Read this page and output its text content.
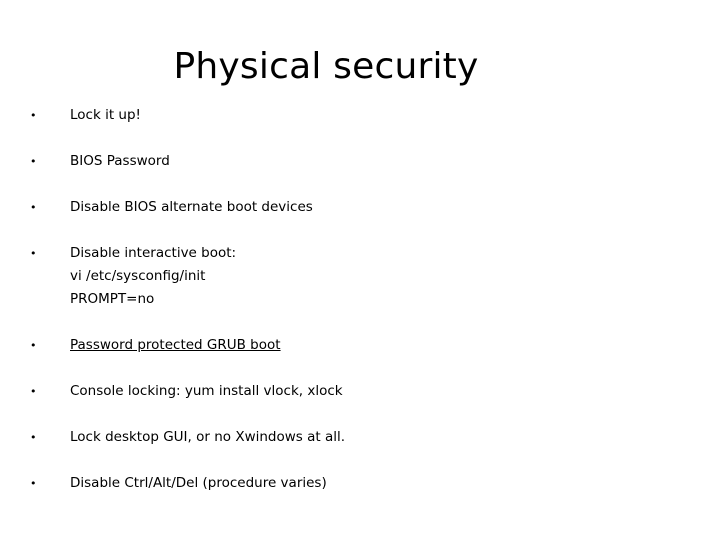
Physical security
• Lock it up!
• BIOS Password
• Disable BIOS alternate boot devices
• Disable interactive boot:
vi /etc/sysconfig/init
PROMPT=no
• Password protected GRUB boot
• Console locking: yum install vlock, xlock
• Lock desktop GUI, or no Xwindows at all.
• Disable Ctrl/Alt/Del (procedure varies)
